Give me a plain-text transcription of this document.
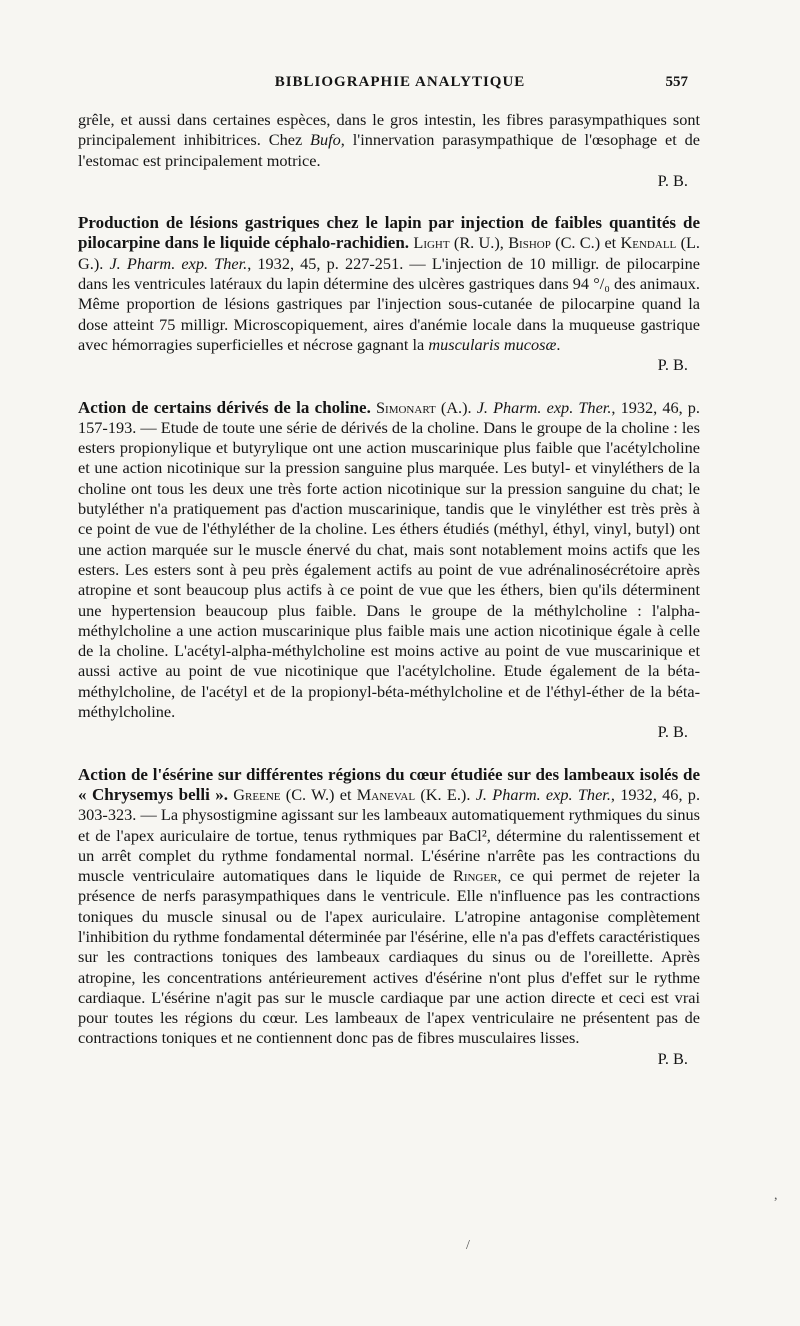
BIBLIOGRAPHIE ANALYTIQUE	557

grêle, et aussi dans certaines espèces, dans le gros intestin, les fibres parasympathiques sont principalement inhibitrices. Chez Bufo, l'innervation parasympathique de l'œsophage et de l'estomac est principalement motrice.

P. B.

Production de lésions gastriques chez le lapin par injection de faibles quantités de pilocarpine dans le liquide céphalo-rachidien. Light (R. U.), Bishop (C. C.) et Kendall (L. G.). J. Pharm. exp. Ther., 1932, 45, p. 227-251. — L'injection de 10 milligr. de pilocarpine dans les ventricules latéraux du lapin détermine des ulcères gastriques dans 94 °/₀ des animaux. Même proportion de lésions gastriques par l'injection sous-cutanée de pilocarpine quand la dose atteint 75 milligr. Microscopiquement, aires d'anémie locale dans la muqueuse gastrique avec hémorragies superficielles et nécrose gagnant la muscularis mucosæ.

P. B.

Action de certains dérivés de la choline. Simonart (A.). J. Pharm. exp. Ther., 1932, 46, p. 157-193. — Etude de toute une série de dérivés de la choline. Dans le groupe de la choline : les esters propionylique et butyrylique ont une action muscarinique plus faible que l'acétylcholine et une action nicotinique sur la pression sanguine plus marquée. Les butyl- et vinyléthers de la choline ont tous les deux une très forte action nicotinique sur la pression sanguine du chat; le butyléther n'a pratiquement pas d'action muscarinique, tandis que le vinyléther est très près à ce point de vue de l'éthyléther de la choline. Les éthers étudiés (méthyl, éthyl, vinyl, butyl) ont une action marquée sur le muscle énervé du chat, mais sont notablement moins actifs que les esters. Les esters sont à peu près également actifs au point de vue adrénalinosécrétoire après atropine et sont beaucoup plus actifs à ce point de vue que les éthers, bien qu'ils déterminent une hypertension beaucoup plus faible. Dans le groupe de la méthylcholine : l'alpha-méthylcholine a une action muscarinique plus faible mais une action nicotinique égale à celle de la choline. L'acétyl-alpha-méthylcholine est moins active au point de vue muscarinique et aussi active au point de vue nicotinique que l'acétylcholine. Etude également de la béta-méthylcholine, de l'acétyl et de la propionyl-béta-méthylcholine et de l'éthyl-éther de la béta-méthylcholine.

P. B.

Action de l'ésérine sur différentes régions du cœur étudiée sur des lambeaux isolés de « Chrysemys belli ». Greene (C. W.) et Maneval (K. E.). J. Pharm. exp. Ther., 1932, 46, p. 303-323. — La physostigmine agissant sur les lambeaux automatiquement rythmiques du sinus et de l'apex auriculaire de tortue, tenus rythmiques par BaCl², détermine du ralentissement et un arrêt complet du rythme fondamental normal. L'ésérine n'arrête pas les contractions du muscle ventriculaire automatiques dans le liquide de Ringer, ce qui permet de rejeter la présence de nerfs parasympathiques dans le ventricule. Elle n'influence pas les contractions toniques du muscle sinusal ou de l'apex auriculaire. L'atropine antagonise complètement l'inhibition du rythme fondamental déterminée par l'ésérine, elle n'a pas d'effets caractéristiques sur les contractions toniques des lambeaux cardiaques du sinus ou de l'oreillette. Après atropine, les concentrations antérieurement actives d'ésérine n'ont plus d'effet sur le rythme cardiaque. L'ésérine n'agit pas sur le muscle cardiaque par une action directe et ceci est vrai pour toutes les régions du cœur. Les lambeaux de l'apex ventriculaire ne présentent pas de contractions toniques et ne contiennent donc pas de fibres musculaires lisses.

P. B.

/
,
